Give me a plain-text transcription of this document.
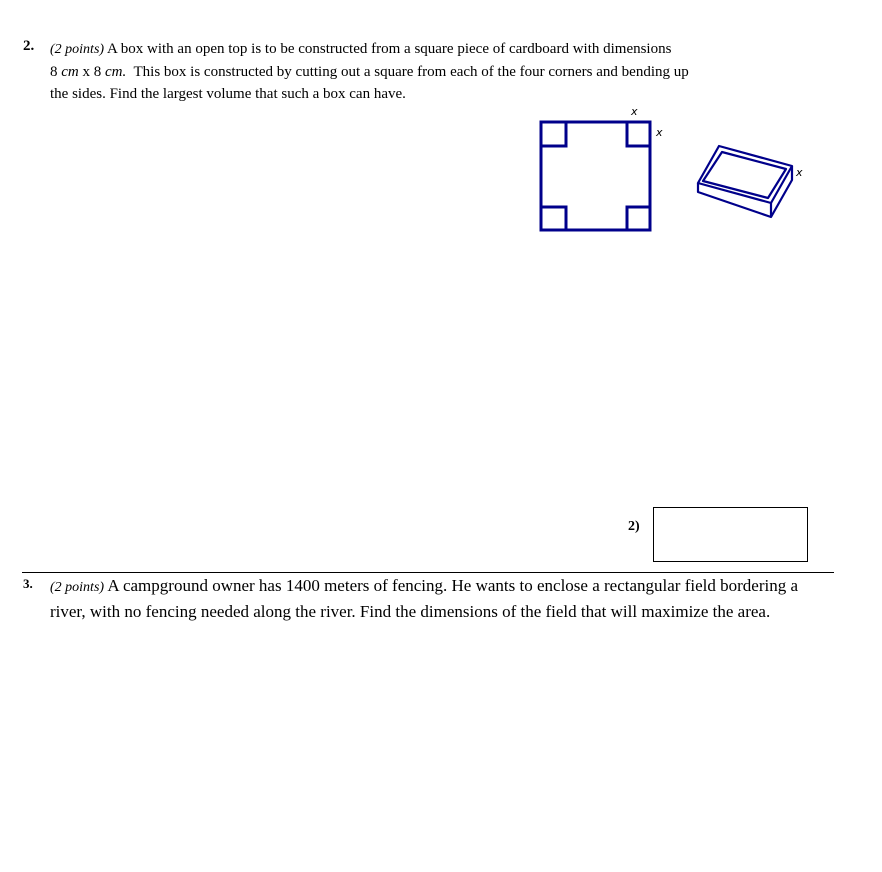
2. (2 points) A box with an open top is to be constructed from a square piece of cardboard with dimensions
8 cm x 8 cm. This box is constructed by cutting out a square from each of the four corners and bending up
the sides. Find the largest volume that such a box can have.
x
x
x
2)
3. (2 points) A campground owner has 1400 meters of fencing. He wants to enclose a rectangular field bordering a
river, with no fencing needed along the river. Find the dimensions of the field that will maximize the area.
